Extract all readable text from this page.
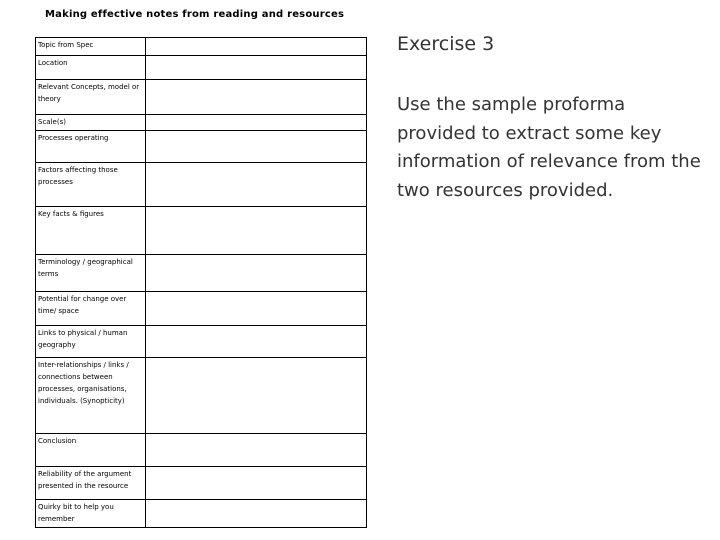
Making effective notes from reading and resources
Topic from Spec	
Location	
Relevant Concepts, model or theory	
Scale(s)	
Processes operating	
Factors affecting those processes	
Key facts & figures	
Terminology / geographical terms	
Potential for change over time/ space	
Links to physical / human geography	
Inter-relationships / links / connections between processes, organisations, individuals. (Synopticity)	
Conclusion	
Reliability of the argument presented in the resource	
Quirky bit to help you remember	
Exercise 3
Use the sample proforma provided to extract some key information of relevance from the two resources provided.
